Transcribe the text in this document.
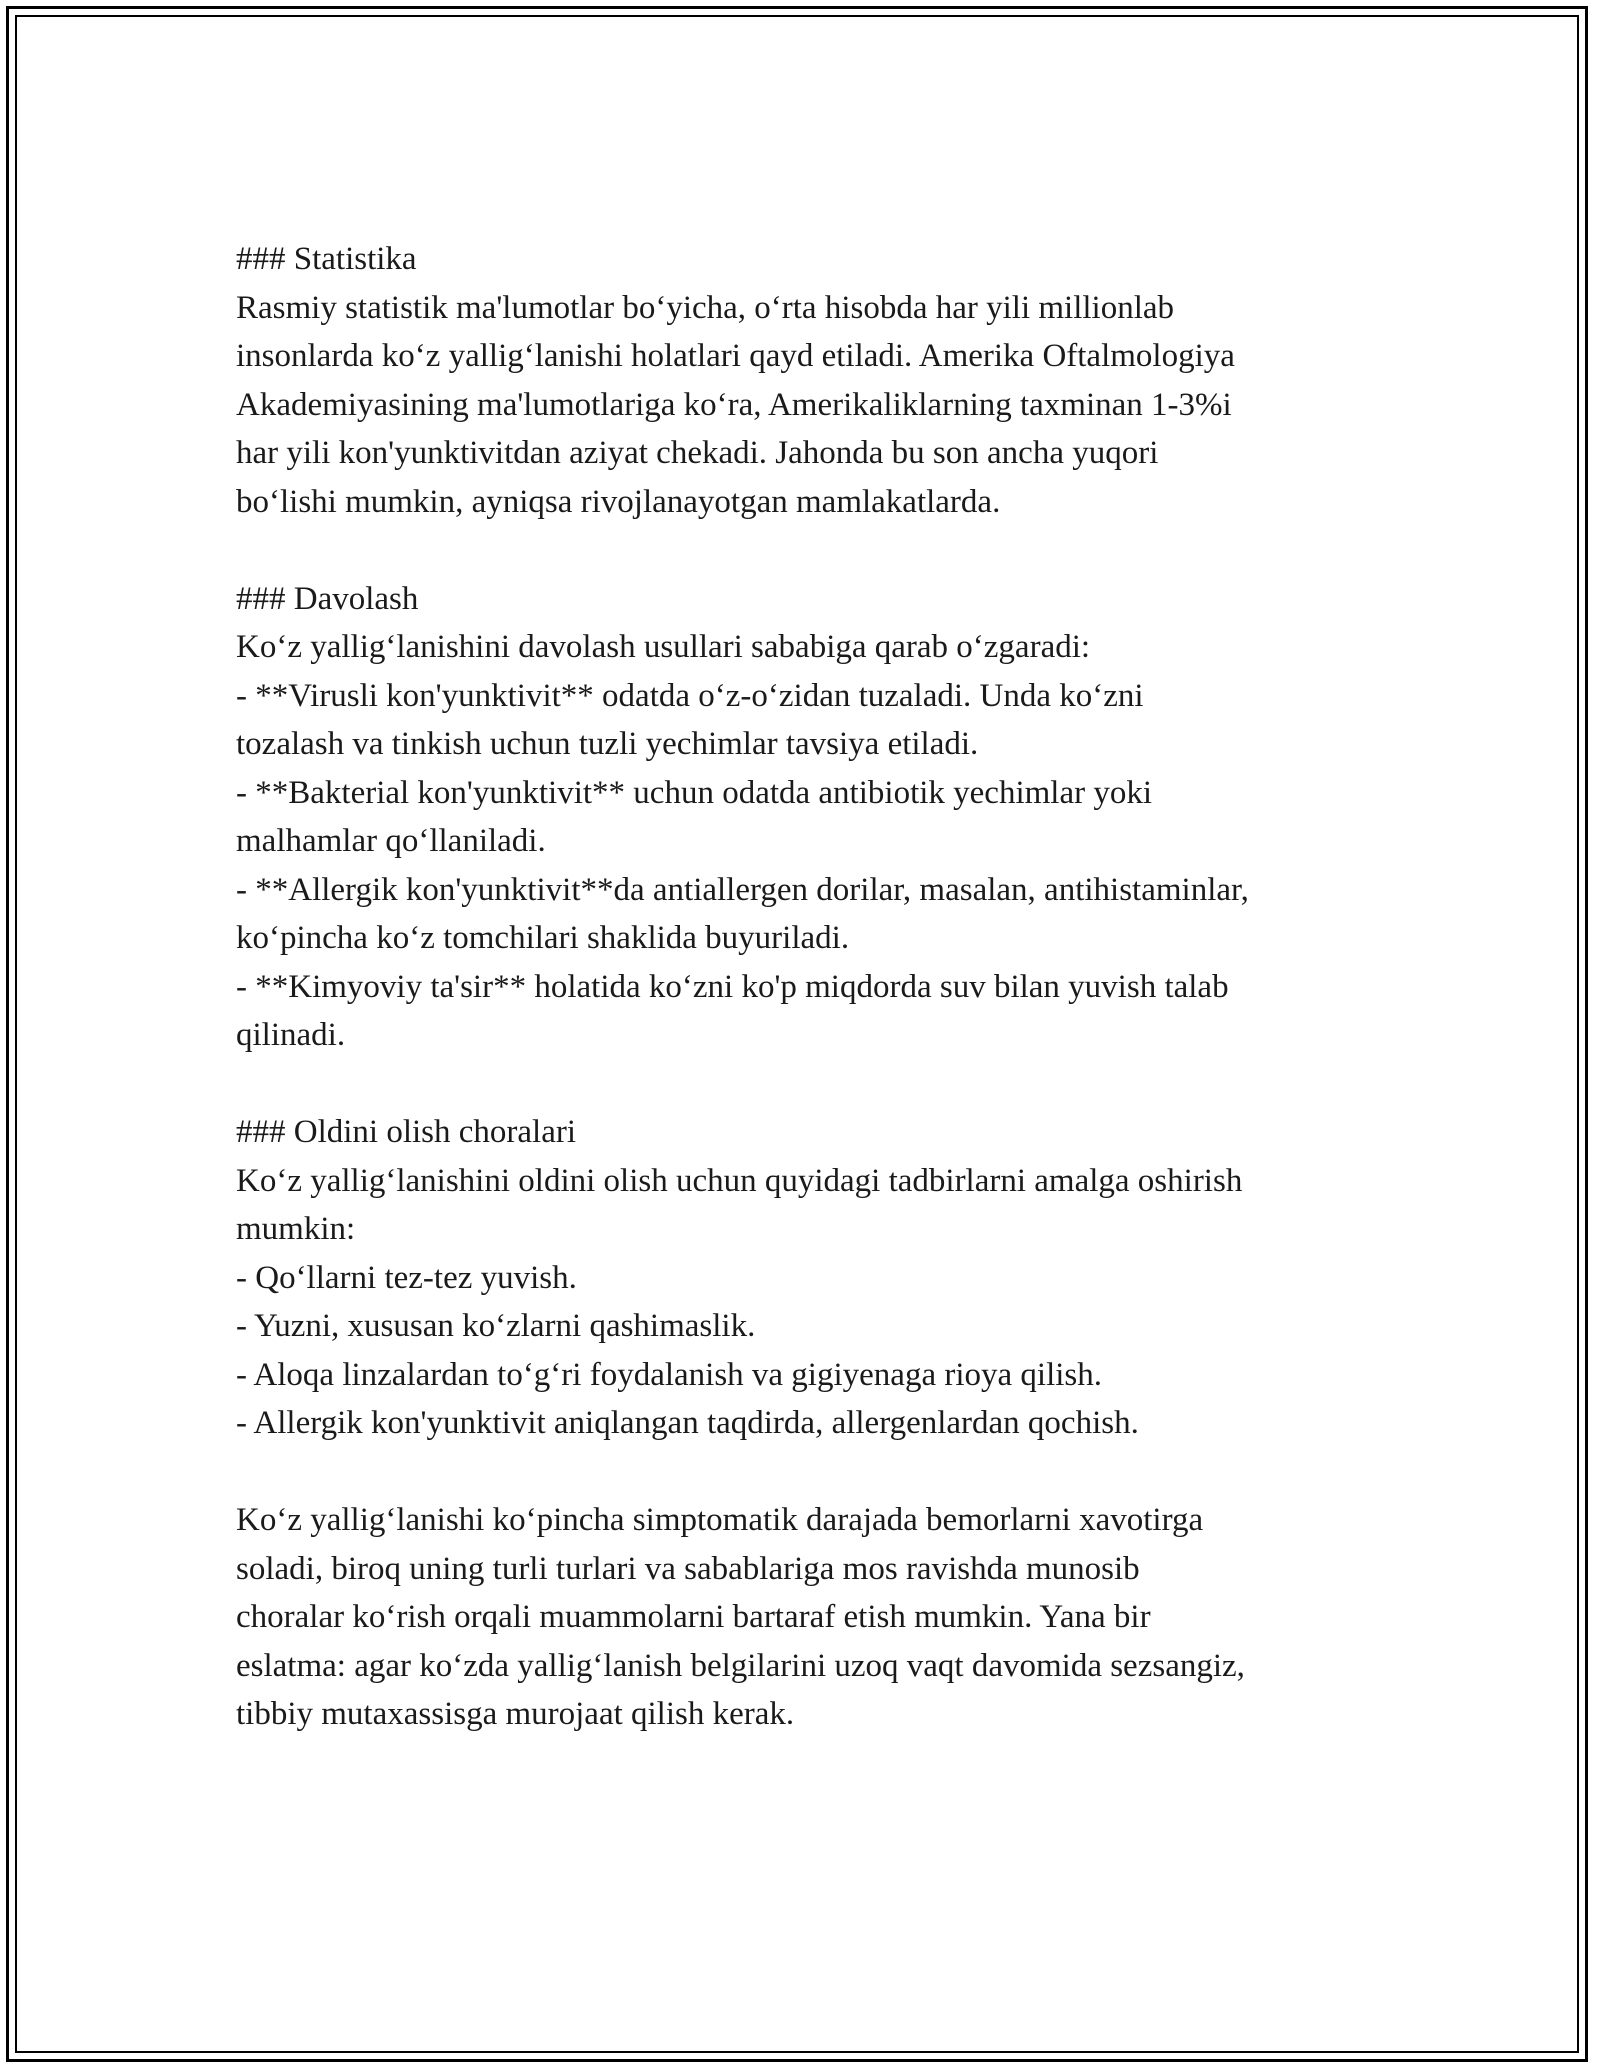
### Statistika
Rasmiy statistik ma'lumotlar bo‘yicha, o‘rta hisobda har yili millionlab
insonlarda ko‘z yallig‘lanishi holatlari qayd etiladi. Amerika Oftalmologiya
Akademiyasining ma'lumotlariga ko‘ra, Amerikaliklarning taxminan 1-3%i
har yili kon'yunktivitdan aziyat chekadi. Jahonda bu son ancha yuqori
bo‘lishi mumkin, ayniqsa rivojlanayotgan mamlakatlarda.
### Davolash
Ko‘z yallig‘lanishini davolash usullari sababiga qarab o‘zgaradi:
- **Virusli kon'yunktivit** odatda o‘z-o‘zidan tuzaladi. Unda ko‘zni
tozalash va tinkish uchun tuzli yechimlar tavsiya etiladi.
- **Bakterial kon'yunktivit** uchun odatda antibiotik yechimlar yoki
malhamlar qo‘llaniladi.
- **Allergik kon'yunktivit**da antiallergen dorilar, masalan, antihistaminlar,
ko‘pincha ko‘z tomchilari shaklida buyuriladi.
- **Kimyoviy ta'sir** holatida ko‘zni ko'p miqdorda suv bilan yuvish talab
qilinadi.
### Oldini olish choralari
Ko‘z yallig‘lanishini oldini olish uchun quyidagi tadbirlarni amalga oshirish
mumkin:
- Qo‘llarni tez-tez yuvish.
- Yuzni, xususan ko‘zlarni qashimaslik.
- Aloqa linzalardan to‘g‘ri foydalanish va gigiyenaga rioya qilish.
- Allergik kon'yunktivit aniqlangan taqdirda, allergenlardan qochish.
Ko‘z yallig‘lanishi ko‘pincha simptomatik darajada bemorlarni xavotirga
soladi, biroq uning turli turlari va sabablariga mos ravishda munosib
choralar ko‘rish orqali muammolarni bartaraf etish mumkin. Yana bir
eslatma: agar ko‘zda yallig‘lanish belgilarini uzoq vaqt davomida sezsangiz,
tibbiy mutaxassisga murojaat qilish kerak.
